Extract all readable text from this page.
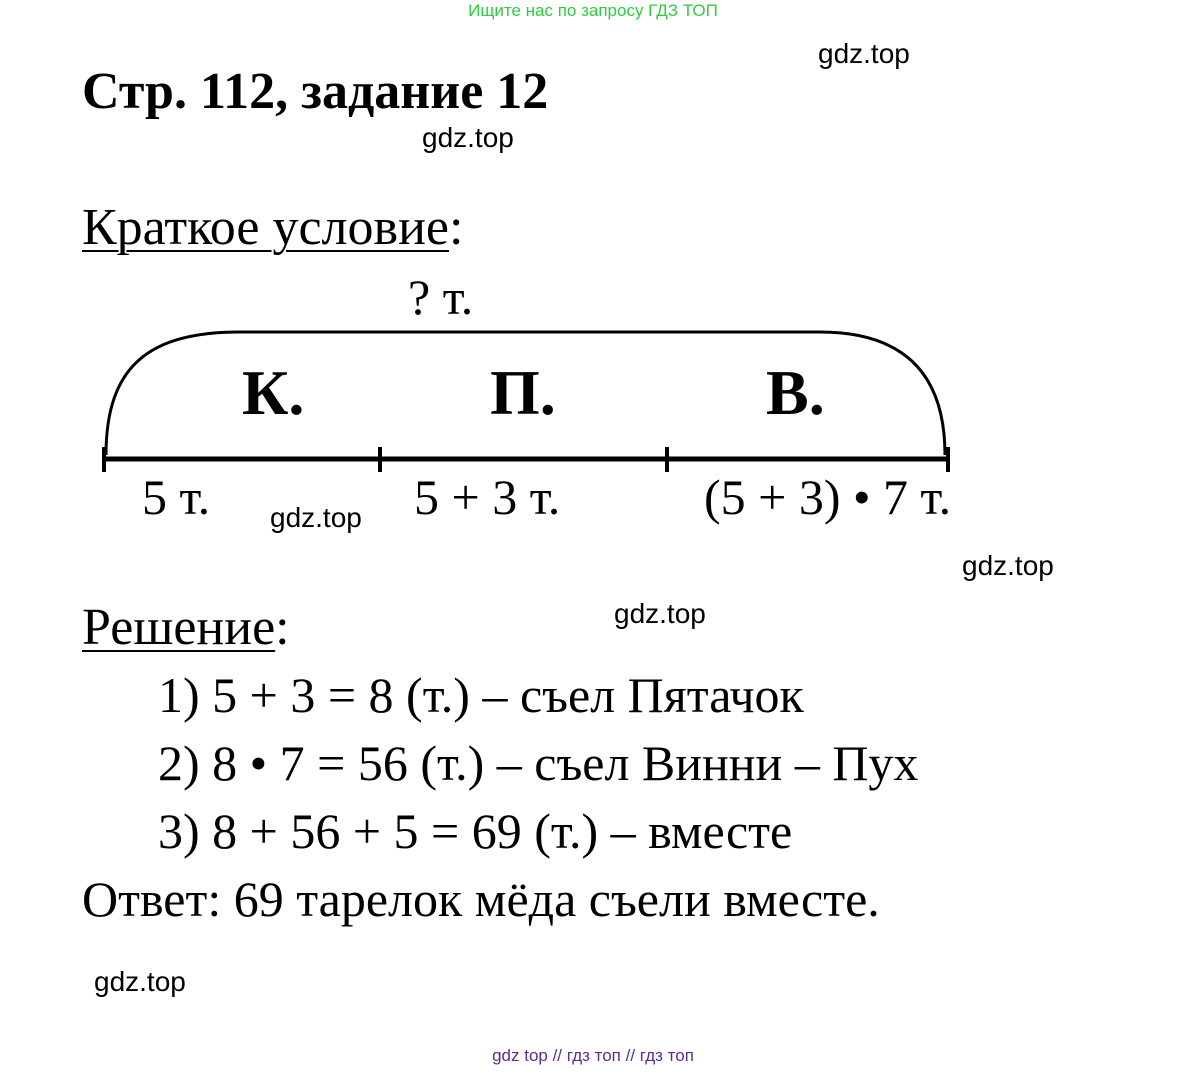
Ищите нас по запросу ГДЗ ТОП
gdz.top
Стр. 112, задание 12
gdz.top
Краткое условие:
? т.
К.	П.	В.
5 т. gdz.top 5 + 3 т.	(5 + 3) • 7 т.
gdz.top
gdz.top
Решение:
1) 5 + 3 = 8 (т.) – съел Пятачок
2) 8 • 7 = 56 (т.) – съел Винни – Пух
3) 8 + 56 + 5 = 69 (т.) – вместе
Ответ: 69 тарелок мёда съели вместе.
gdz.top
gdz top // гдз топ // гдз топ
